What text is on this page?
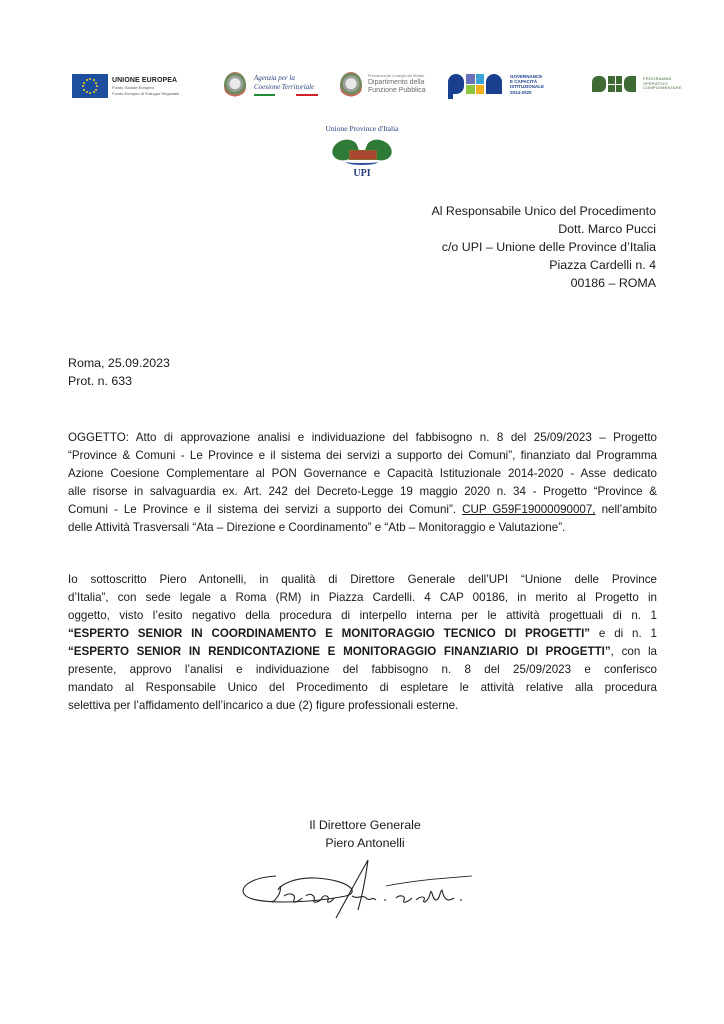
UNIONE EUROPEA
Fondo Sociale Europeo
Fondo Europeo di Sviluppo Regionale
Agenzia per la
Coesione Territoriale
Presidenza del Consiglio dei Ministri
Dipartimento della
Funzione Pubblica
GOVERNANCE
E CAPACITÀ
ISTITUZIONALE
2014-2020
PROGRAMMA
OPERATIVO
COMPLEMENTARE
Unione Province d'Italia
UPI
Al Responsabile Unico del Procedimento
Dott. Marco Pucci
c/o UPI – Unione delle Province d’Italia
Piazza Cardelli n. 4
00186 – ROMA
Roma, 25.09.2023
Prot. n. 633
OGGETTO: Atto di approvazione analisi e individuazione del fabbisogno n. 8 del 25/09/2023 – Progetto
“Province & Comuni - Le Province e il sistema dei servizi a supporto dei Comuni”, finanziato dal Programma
Azione Coesione Complementare al PON Governance e Capacità Istituzionale 2014-2020 - Asse dedicato
alle risorse in salvaguardia ex. Art. 242 del Decreto-Legge 19 maggio 2020 n. 34 - Progetto “Province &
Comuni - Le Province e il sistema dei servizi a supporto dei Comuni”. CUP G59F19000090007, nell’ambito
delle Attività Trasversali “Ata – Direzione e Coordinamento” e “Atb – Monitoraggio e Valutazione”.
Io sottoscritto Piero Antonelli, in qualità di Direttore Generale dell’UPI “Unione delle Province
d’Italia”, con sede legale a Roma (RM) in Piazza Cardelli. 4 CAP 00186, in merito al Progetto in
oggetto, visto l’esito negativo della procedura di interpello interna per le attività progettuali di n. 1
“ESPERTO SENIOR IN COORDINAMENTO E MONITORAGGIO TECNICO DI PROGETTI” e di n. 1
“ESPERTO SENIOR IN RENDICONTAZIONE E MONITORAGGIO FINANZIARIO DI PROGETTI”, con la
presente, approvo l’analisi e individuazione del fabbisogno n. 8 del 25/09/2023 e conferisco
mandato al Responsabile Unico del Procedimento di espletare le attività relative alla procedura
selettiva per l’affidamento dell’incarico a due (2) figure professionali esterne.
Il Direttore Generale
Piero Antonelli
